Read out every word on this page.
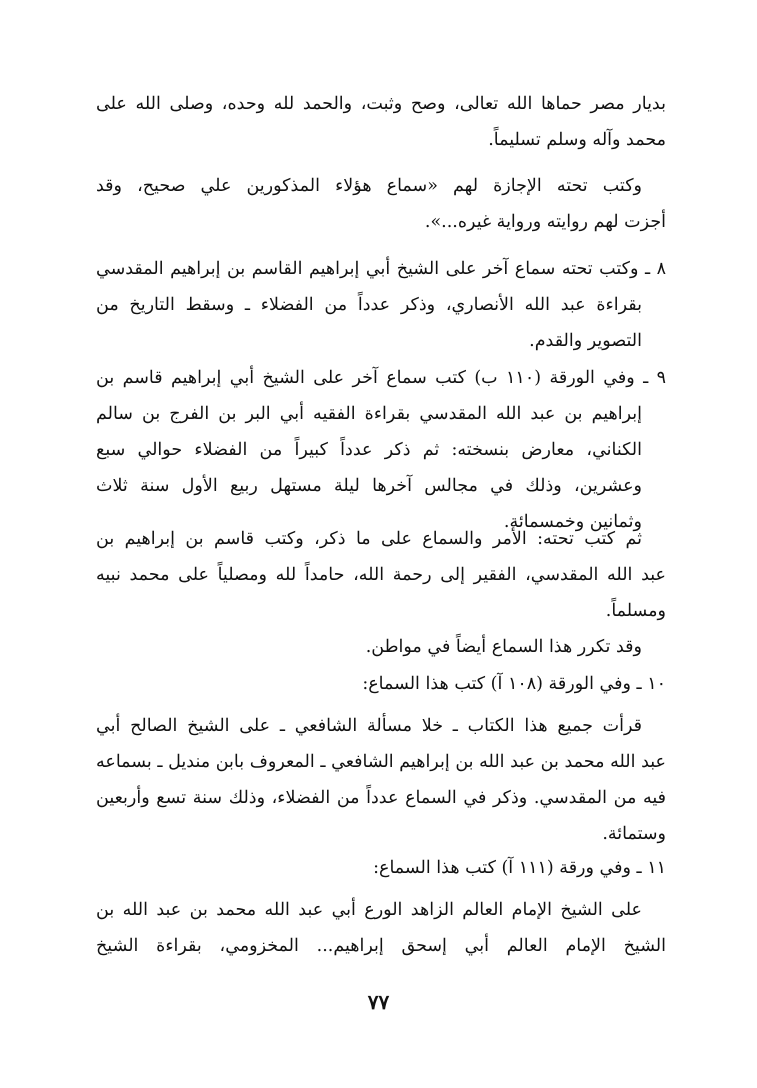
بديار مصر حماها الله تعالى، وصح وثبت، والحمد لله وحده، وصلى الله على
محمد وآله وسلم تسليماً.
وكتب تحته الإجازة لهم «سماع هؤلاء المذكورين علي صحيح، وقد
أجزت لهم روايته ورواية غيره...».
٨ ـ وكتب تحته سماع آخر على الشيخ أبي إبراهيم القاسم بن إبراهيم المقدسي
بقراءة عبد الله الأنصاري، وذكر عدداً من الفضلاء ـ وسقط التاريخ من
التصوير والقدم.
٩ ـ وفي الورقة (١١٠ ب) كتب سماع آخر على الشيخ أبي إبراهيم قاسم بن
إبراهيم بن عبد الله المقدسي بقراءة الفقيه أبي البر بن الفرج بن سالم
الكناني، معارض بنسخته: ثم ذكر عدداً كبيراً من الفضلاء حوالي سبع
وعشرين، وذلك في مجالس آخرها ليلة مستهل ربيع الأول سنة ثلاث
وثمانين وخمسمائة.
ثم كتب تحته: الأمر والسماع على ما ذكر، وكتب قاسم بن إبراهيم بن
عبد الله المقدسي، الفقير إلى رحمة الله، حامداً لله ومصلياً على محمد نبيه
ومسلماً.
وقد تكرر هذا السماع أيضاً في مواطن.
١٠ ـ وفي الورقة (١٠٨ آ) كتب هذا السماع:
قرأت جميع هذا الكتاب ـ خلا مسألة الشافعي ـ على الشيخ الصالح أبي
عبد الله محمد بن عبد الله بن إبراهيم الشافعي ـ المعروف بابن منديل ـ بسماعه
فيه من المقدسي. وذكر في السماع عدداً من الفضلاء، وذلك سنة تسع وأربعين
وستمائة.
١١ ـ وفي ورقة (١١١ آ) كتب هذا السماع:
على الشيخ الإمام العالم الزاهد الورع أبي عبد الله محمد بن عبد الله بن
الشيخ الإمام العالم أبي إسحق إبراهيم... المخزومي، بقراءة الشيخ
٧٧
